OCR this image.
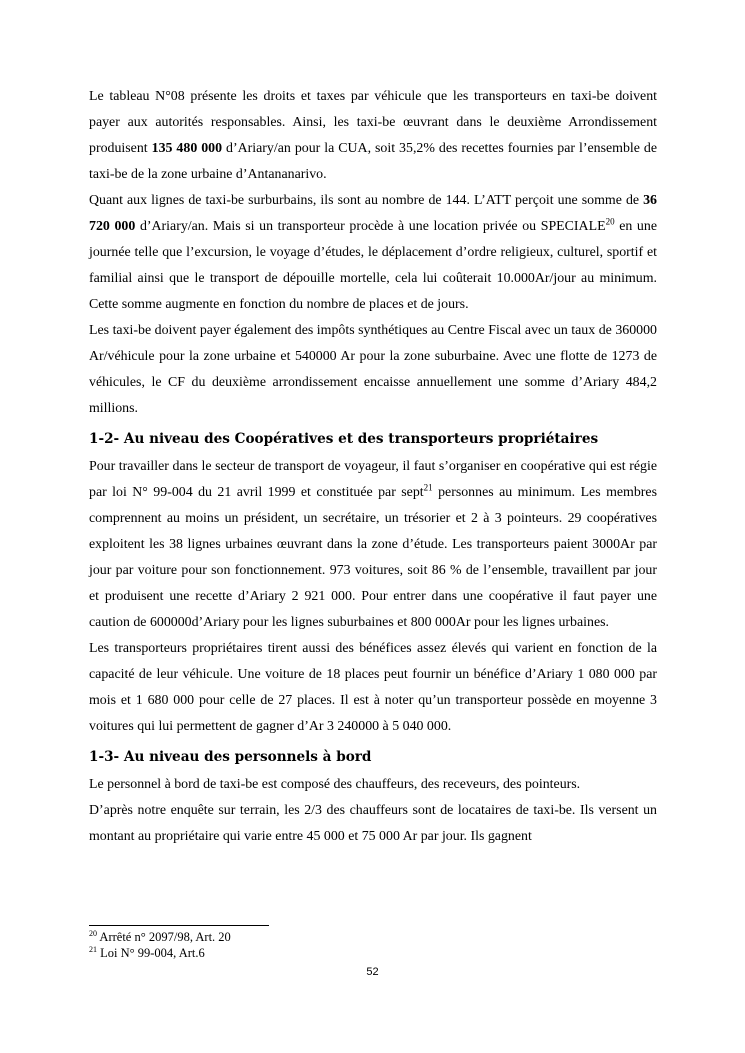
Le tableau N°08 présente les droits et taxes par véhicule que les transporteurs en taxi-be doivent payer aux autorités responsables. Ainsi, les taxi-be œuvrant dans le deuxième Arrondissement produisent 135 480 000 d’Ariary/an pour la CUA, soit 35,2% des recettes fournies par l’ensemble de taxi-be de la zone urbaine d’Antananarivo.

Quant aux lignes de taxi-be surburbains, ils sont au nombre de 144. L’ATT perçoit une somme de 36 720 000 d’Ariary/an. Mais si un transporteur procède à une location privée ou SPECIALE$^{20}$ en une journée telle que l’excursion, le voyage d’études, le déplacement d’ordre religieux, culturel, sportif et familial ainsi que le transport de dépouille mortelle, cela lui coûterait 10.000Ar/jour au minimum. Cette somme augmente en fonction du nombre de places et de jours.

Les taxi-be doivent payer également des impôts synthétiques au Centre Fiscal avec un taux de 360000 Ar/véhicule pour la zone urbaine et 540000 Ar pour la zone suburbaine. Avec une flotte de 1273 de véhicules, le CF du deuxième arrondissement encaisse annuellement une somme d’Ariary 484,2 millions.

1-2- Au niveau des Coopératives et des transporteurs propriétaires

Pour travailler dans le secteur de transport de voyageur, il faut s’organiser en coopérative qui est régie par loi N° 99-004 du 21 avril 1999 et constituée par sept$^{21}$ personnes au minimum. Les membres comprennent au moins un président, un secrétaire, un trésorier et 2 à 3 pointeurs. 29 coopératives exploitent les 38 lignes urbaines œuvrant dans la zone d’étude. Les transporteurs paient 3000Ar par jour par voiture pour son fonctionnement. 973 voitures, soit 86 % de l’ensemble, travaillent par jour et produisent une recette d’Ariary 2 921 000. Pour entrer dans une coopérative il faut payer une caution de 600000d’Ariary pour les lignes suburbaines et 800 000Ar pour les lignes urbaines.

Les transporteurs propriétaires tirent aussi des bénéfices assez élevés qui varient en fonction de la capacité de leur véhicule. Une voiture de 18 places peut fournir un bénéfice d’Ariary 1 080 000 par mois et 1 680 000 pour celle de 27 places. Il est à noter qu’un transporteur possède en moyenne 3 voitures qui lui permettent de gagner d’Ar 3 240000 à 5 040 000.

1-3- Au niveau des personnels à bord

Le personnel à bord de taxi-be est composé des chauffeurs, des receveurs, des pointeurs.

D’après notre enquête sur terrain, les 2/3 des chauffeurs sont de locataires de taxi-be. Ils versent un montant au propriétaire qui varie entre 45 000 et 75 000 Ar par jour. Ils gagnent

$^{20}$ Arrêté n° 2097/98, Art. 20
$^{21}$ Loi N° 99-004, Art.6
52
